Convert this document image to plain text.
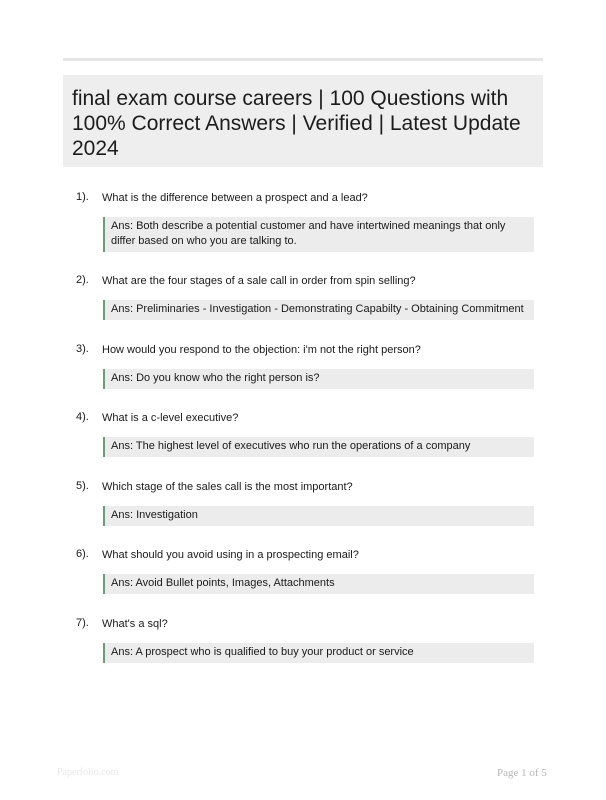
final exam course careers | 100 Questions with 100% Correct Answers | Verified | Latest Update 2024
1). What is the difference between a prospect and a lead?
Ans: Both describe a potential customer and have intertwined meanings that only differ based on who you are talking to.
2). What are the four stages of a sale call in order from spin selling?
Ans: Preliminaries - Investigation - Demonstrating Capabilty - Obtaining Commitment
3). How would you respond to the objection: i'm not the right person?
Ans: Do you know who the right person is?
4). What is a c-level executive?
Ans: The highest level of executives who run the operations of a company
5). Which stage of the sales call is the most important?
Ans: Investigation
6). What should you avoid using in a prospecting email?
Ans: Avoid Bullet points, Images, Attachments
7). What's a sql?
Ans: A prospect who is qualified to buy your product or service
Paperfolio.com	Page 1 of 5
